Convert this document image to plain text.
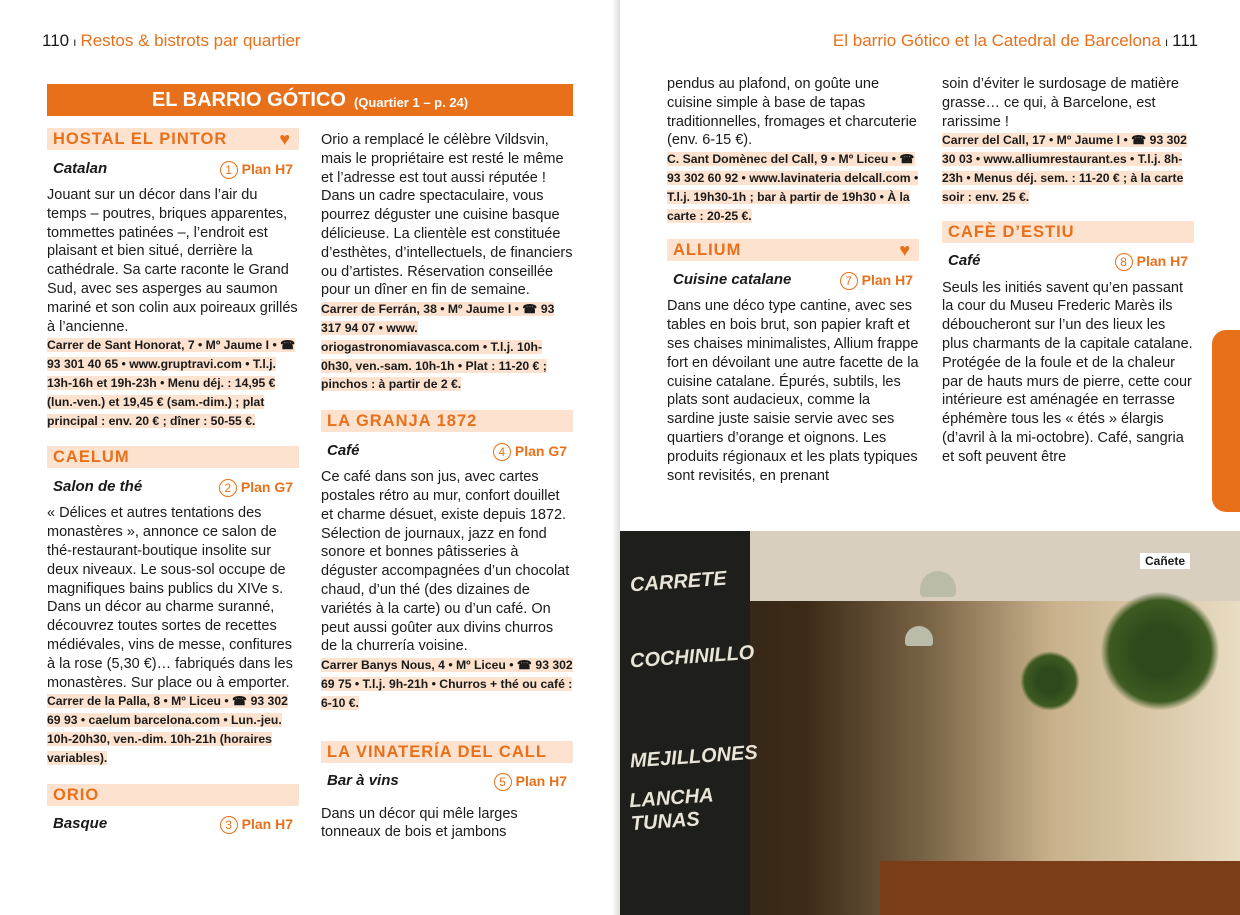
110 ı Restos & bistrots par quartier
EL BARRIO GÓTICO (Quartier 1 – p. 24)
HOSTAL EL PINTOR	♥
Catalan	1 Plan H7
Jouant sur un décor dans l’air du temps – poutres, briques apparentes, tommettes patinées –, l’endroit est plaisant et bien situé, derrière la cathédrale. Sa carte raconte le Grand Sud, avec ses asperges au saumon mariné et son colin aux poireaux grillés à l’ancienne.
Carrer de Sant Honorat, 7 • Mº Jaume I • ☎ 93 301 40 65 • www.gruptravi.com • T.l.j. 13h-16h et 19h-23h • Menu déj. : 14,95 € (lun.-ven.) et 19,45 € (sam.-dim.) ; plat principal : env. 20 € ; dîner : 50-55 €.
CAELUM
Salon de thé	2 Plan G7
« Délices et autres tentations des monastères », annonce ce salon de thé-restaurant-boutique insolite sur deux niveaux. Le sous-sol occupe de magnifiques bains publics du XIVe s. Dans un décor au charme suranné, découvrez toutes sortes de recettes médiévales, vins de messe, confitures à la rose (5,30 €)… fabriqués dans les monastères. Sur place ou à emporter.
Carrer de la Palla, 8 • Mº Liceu • ☎ 93 302 69 93 • caelum barcelona.com • Lun.-jeu. 10h-20h30, ven.-dim. 10h-21h (horaires variables).
ORIO
Basque	3 Plan H7
Orio a remplacé le célèbre Vildsvin, mais le propriétaire est resté le même et l’adresse est tout aussi réputée ! Dans un cadre spectaculaire, vous pourrez déguster une cuisine basque délicieuse. La clientèle est constituée d’esthètes, d’intellectuels, de financiers ou d’artistes. Réservation conseillée pour un dîner en fin de semaine.
Carrer de Ferrán, 38 • Mº Jaume I • ☎ 93 317 94 07 • www. oriogastronomiavasca.com • T.l.j. 10h-0h30, ven.-sam. 10h-1h • Plat : 11-20 € ; pinchos : à partir de 2 €.
LA GRANJA 1872
Café	4 Plan G7
Ce café dans son jus, avec cartes postales rétro au mur, confort douillet et charme désuet, existe depuis 1872. Sélection de journaux, jazz en fond sonore et bonnes pâtisseries à déguster accompagnées d’un chocolat chaud, d’un thé (des dizaines de variétés à la carte) ou d’un café. On peut aussi goûter aux divins churros de la churrería voisine.
Carrer Banys Nous, 4 • Mº Liceu • ☎ 93 302 69 75 • T.l.j. 9h-21h • Churros + thé ou café : 6-10 €.
LA VINATERÍA DEL CALL
Bar à vins	5 Plan H7
Dans un décor qui mêle larges tonneaux de bois et jambons
El barrio Gótico et la Catedral de Barcelona ı 111
pendus au plafond, on goûte une cuisine simple à base de tapas traditionnelles, fromages et charcuterie (env. 6-15 €).
C. Sant Domènec del Call, 9 • Mº Liceu • ☎ 93 302 60 92 • www.lavinateria delcall.com • T.l.j. 19h30-1h ; bar à partir de 19h30 • À la carte : 20-25 €.
ALLIUM	♥
Cuisine catalane	7 Plan H7
Dans une déco type cantine, avec ses tables en bois brut, son papier kraft et ses chaises minimalistes, Allium frappe fort en dévoilant une autre facette de la cuisine catalane. Épurés, subtils, les plats sont audacieux, comme la sardine juste saisie servie avec ses quartiers d’orange et oignons. Les produits régionaux et les plats typiques sont revisités, en prenant
soin d’éviter le surdosage de matière grasse… ce qui, à Barcelone, est rarissime !
Carrer del Call, 17 • Mº Jaume I • ☎ 93 302 30 03 • www.alliumrestaurant.es • T.l.j. 8h-23h • Menus déj. sem. : 11-20 € ; à la carte soir : env. 25 €.
CAFÈ D’ESTIU
Café	8 Plan H7
Seuls les initiés savent qu’en passant la cour du Museu Frederic Marès ils déboucheront sur l’un des lieux les plus charmants de la capitale catalane. Protégée de la foule et de la chaleur par de hauts murs de pierre, cette cour intérieure est aménagée en terrasse éphémère tous les « étés » élargis (d’avril à la mi-octobre). Café, sangria et soft peuvent être
CARRETE
COCHINILLO
MEJILLONES
LANCHA TUNAS
Cañete
